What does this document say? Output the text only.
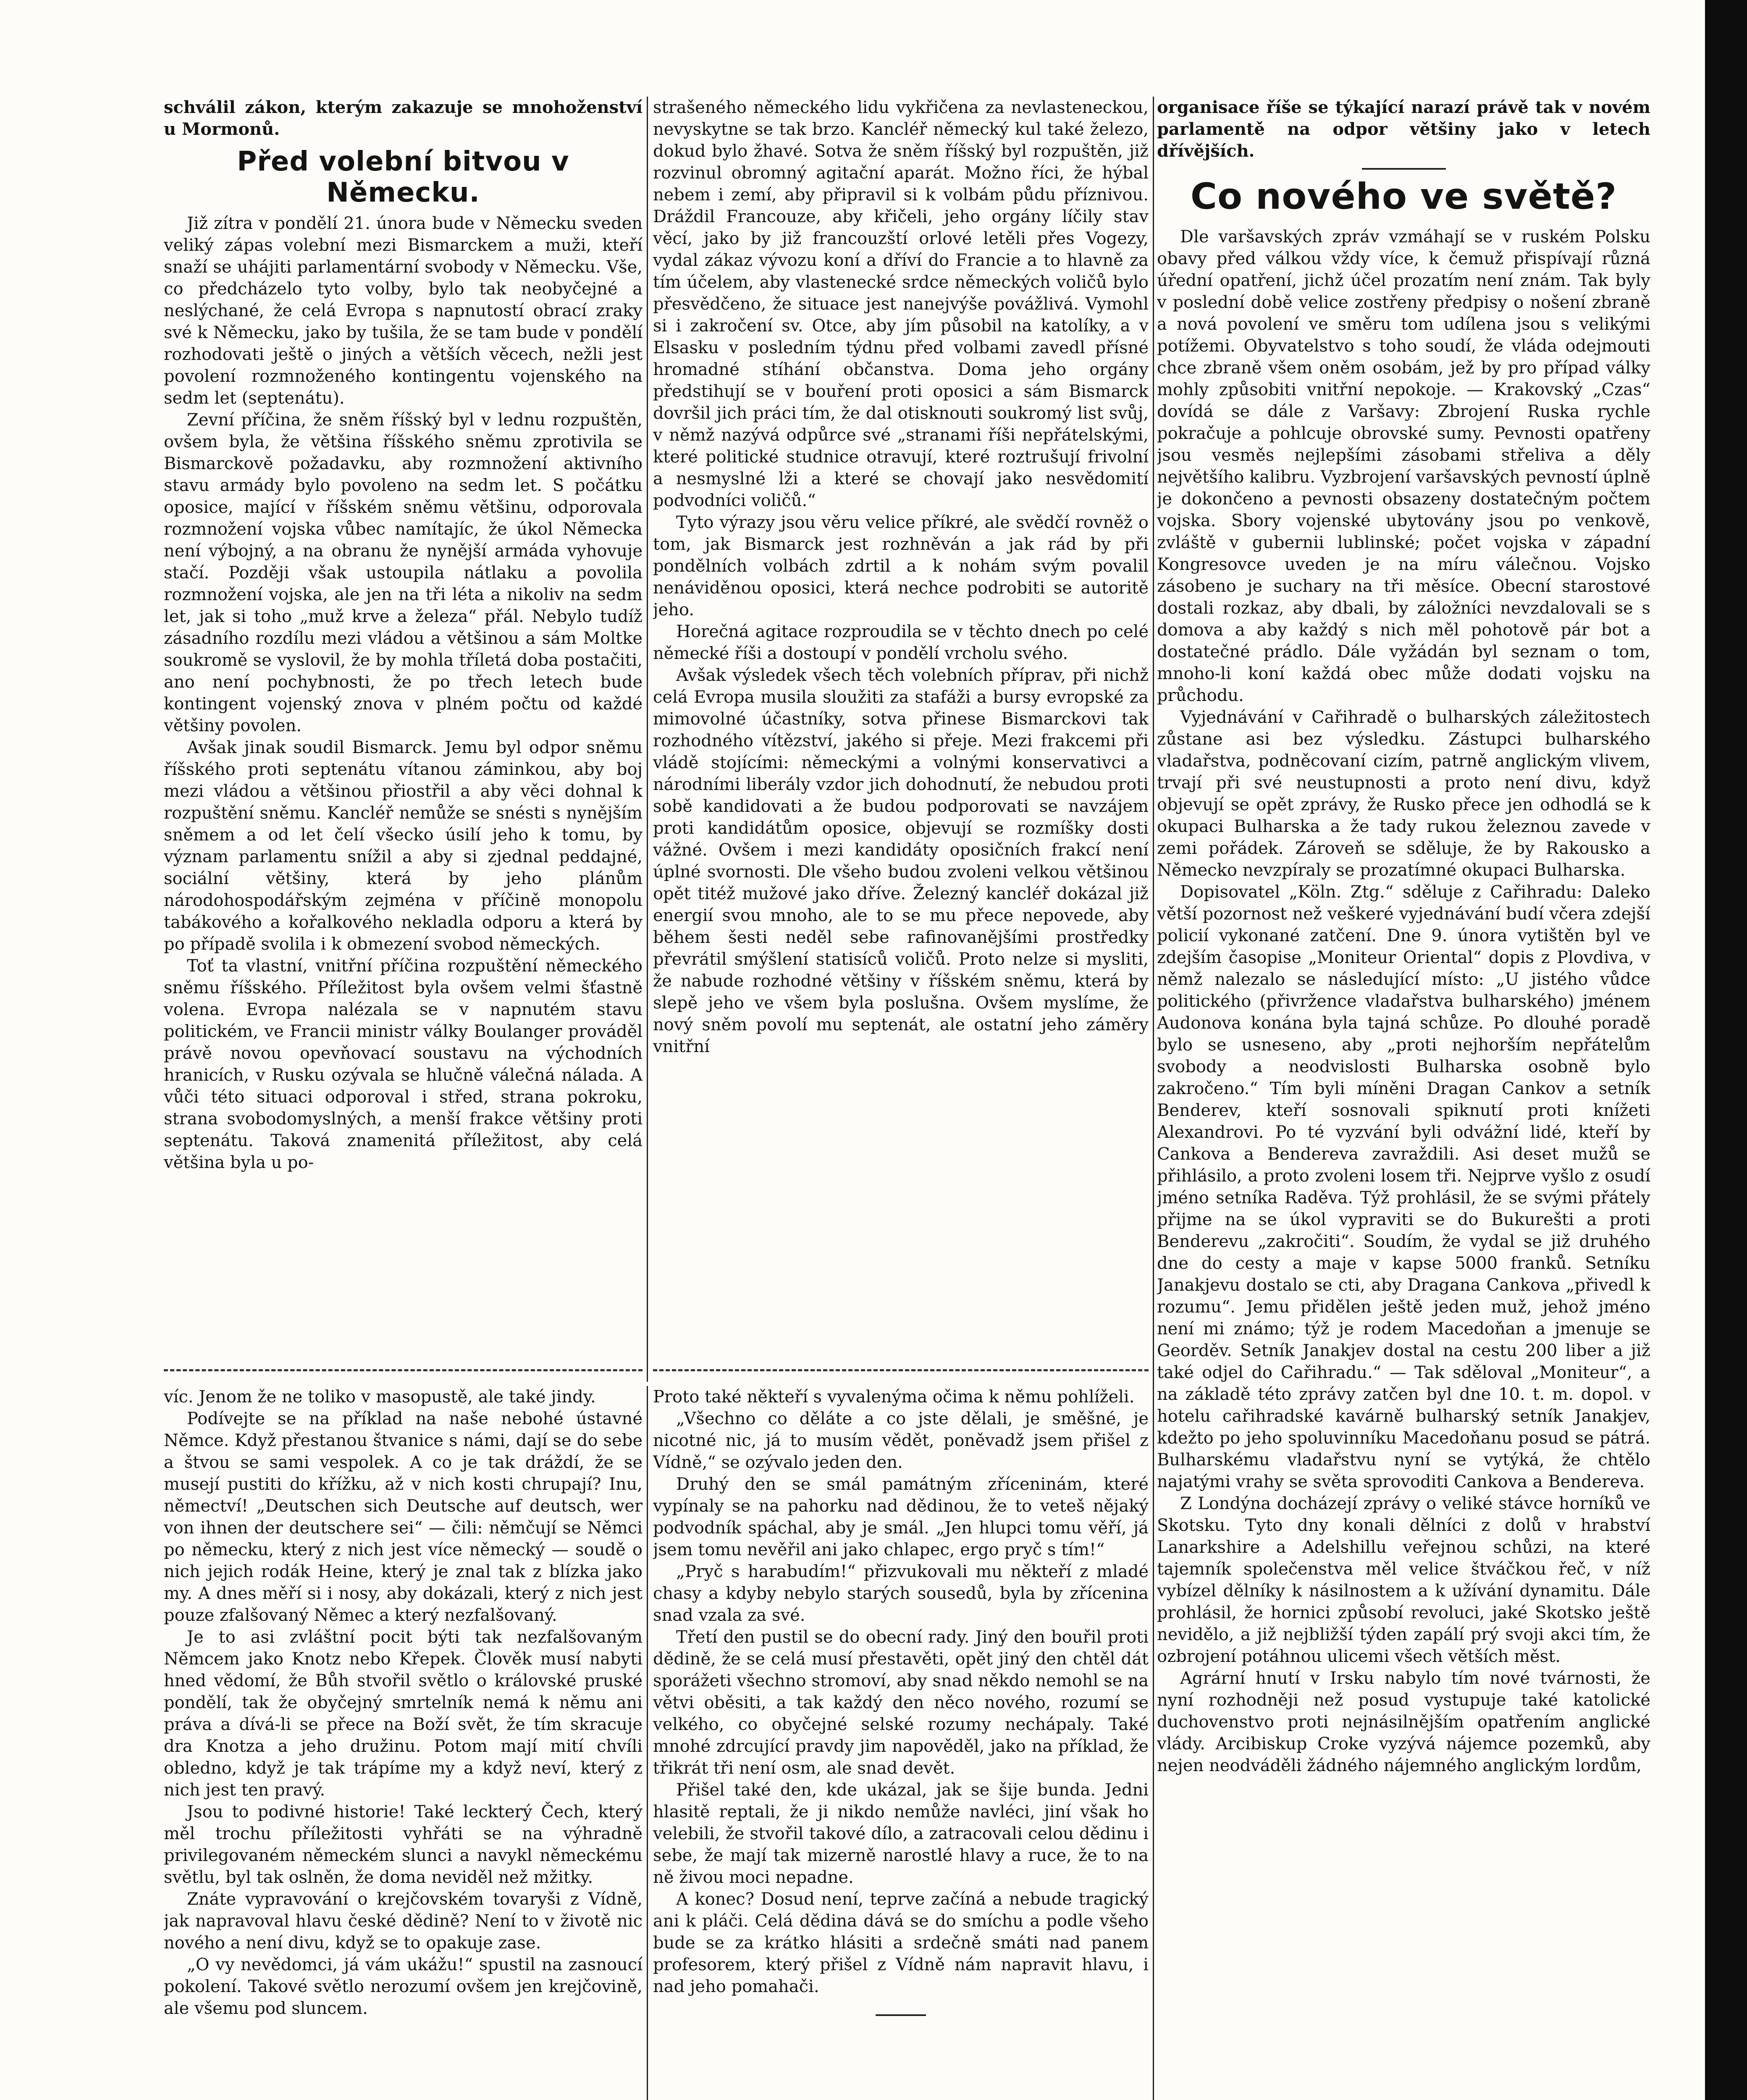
schválil zákon, kterým zakazuje se mnohoženství u Mormonů.

Před volební bitvou v Německu.

Již zítra v pondělí 21. února bude v Německu sveden veliký zápas volební mezi Bismarckem a muži, kteří snaží se uhájiti parlamentární svobody v Německu. Vše, co předcházelo tyto volby, bylo tak neobyčejné a neslýchané, že celá Evropa s napnutostí obrací zraky své k Německu, jako by tušila, že se tam bude v pondělí rozhodovati ještě o jiných a větších věcech, nežli jest povolení rozmnoženého kontingentu vojenského na sedm let (septenátu).

Zevní příčina, že sněm říšský byl v lednu rozpuštěn, ovšem byla, že většina říšského sněmu zprotivila se Bismarckově požadavku, aby rozmnožení aktivního stavu armády bylo povoleno na sedm let. S počátku oposice, mající v říšském sněmu většinu, odporovala rozmnožení vojska vůbec namítajíc, že úkol Německa není výbojný, a na obranu že nynější armáda vyhovuje stačí. Později však ustoupila nátlaku a povolila rozmnožení vojska, ale jen na tři léta a nikoliv na sedm let, jak si toho „muž krve a železa“ přál. Nebylo tudíž zásadního rozdílu mezi vládou a většinou a sám Moltke soukromě se vyslovil, že by mohla tříletá doba postačiti, ano není pochybnosti, že po třech letech bude kontingent vojenský znova v plném počtu od každé většiny povolen.

Avšak jinak soudil Bismarck. Jemu byl odpor sněmu říšského proti septenátu vítanou záminkou, aby boj mezi vládou a většinou přiostřil a aby věci dohnal k rozpuštění sněmu. Kancléř nemůže se snésti s nynějším sněmem a od let čelí všecko úsilí jeho k tomu, by význam parlamentu snížil a aby si zjednal peddajné, sociální většiny, která by jeho plánům národohospodářským zejména v příčině monopolu tabákového a kořalkového nekladla odporu a která by po případě svolila i k obmezení svobod německých.

Toť ta vlastní, vnitřní příčina rozpuštění německého sněmu říšského. Příležitost byla ovšem velmi šťastně volena. Evropa nalézala se v napnutém stavu politickém, ve Francii ministr války Boulanger prováděl právě novou opevňovací soustavu na východních hranicích, v Rusku ozývala se hlučně válečná nálada. A vůči této situaci odporoval i střed, strana pokroku, strana svobodomyslných, a menší frakce většiny proti septenátu. Taková znamenitá příležitost, aby celá většina byla u po-

strašeného německého lidu vykřičena za nevlasteneckou, nevyskytne se tak brzo. Kancléř německý kul také železo, dokud bylo žhavé. Sotva že sněm říšský byl rozpuštěn, již rozvinul obromný agitační aparát. Možno říci, že hýbal nebem i zemí, aby připravil si k volbám půdu příznivou. Dráždil Francouze, aby křičeli, jeho orgány líčily stav věcí, jako by již francouzští orlové letěli přes Vogezy, vydal zákaz vývozu koní a dříví do Francie a to hlavně za tím účelem, aby vlastenecké srdce německých voličů bylo přesvědčeno, že situace jest nanejvýše povážlivá. Vymohl si i zakročení sv. Otce, aby jím působil na katolíky, a v Elsasku v posledním týdnu před volbami zavedl přísné hromadné stíhání občanstva. Doma jeho orgány předstihují se v bouření proti oposici a sám Bismarck dovršil jich práci tím, že dal otisknouti soukromý list svůj, v němž nazývá odpůrce své „stranami říši nepřátelskými, které politické studnice otravují, které roztrušují frivolní a nesmyslné lži a které se chovají jako nesvědomití podvodníci voličů.“

Tyto výrazy jsou věru velice příkré, ale svědčí rovněž o tom, jak Bismarck jest rozhněván a jak rád by při pondělních volbách zdrtil a k nohám svým povalil nenáviděnou oposici, která nechce podrobiti se autoritě jeho.

Horečná agitace rozproudila se v těchto dnech po celé německé říši a dostoupí v pondělí vrcholu svého.

Avšak výsledek všech těch volebních příprav, při nichž celá Evropa musila sloužiti za stafáži a bursy evropské za mimovolné účastníky, sotva přinese Bismarckovi tak rozhodného vítězství, jakého si přeje. Mezi frakcemi při vládě stojícími: německými a volnými konservativci a národními liberály vzdor jich dohodnutí, že nebudou proti sobě kandidovati a že budou podporovati se navzájem proti kandidátům oposice, objevují se rozmíšky dosti vážné. Ovšem i mezi kandidáty oposičních frakcí není úplné svornosti. Dle všeho budou zvoleni velkou většinou opět titéž mužové jako dříve. Železný kancléř dokázal již energií svou mnoho, ale to se mu přece nepovede, aby během šesti neděl sebe rafinovanějšími prostředky převrátil smýšlení statisíců voličů. Proto nelze si mysliti, že nabude rozhodné většiny v říšském sněmu, která by slepě jeho ve všem byla poslušna. Ovšem myslíme, že nový sněm povolí mu septenát, ale ostatní jeho záměry vnitřní

organisace říše se týkající narazí právě tak v novém parlamentě na odpor většiny jako v letech dřívějších.

Co nového ve světě?

Dle varšavských zpráv vzmáhají se v ruském Polsku obavy před válkou vždy více, k čemuž přispívají různá úřední opatření, jichž účel prozatím není znám. Tak byly v poslední době velice zostřeny předpisy o nošení zbraně a nová povolení ve směru tom udílena jsou s velikými potížemi. Obyvatelstvo s toho soudí, že vláda odejmouti chce zbraně všem oněm osobám, jež by pro případ války mohly způsobiti vnitřní nepokoje. — Krakovský „Czas“ dovídá se dále z Varšavy: Zbrojení Ruska rychle pokračuje a pohlcuje obrovské sumy. Pevnosti opatřeny jsou vesměs nejlepšími zásobami střeliva a děly největšího kalibru. Vyzbrojení varšavských pevností úplně je dokončeno a pevnosti obsazeny dostatečným počtem vojska. Sbory vojenské ubytovány jsou po venkově, zvláště v gubernii lublinské; počet vojska v západní Kongresovce uveden je na míru válečnou. Vojsko zásobeno je suchary na tři měsíce. Obecní starostové dostali rozkaz, aby dbali, by záložníci nevzdalovali se s domova a aby každý s nich měl pohotově pár bot a dostatečné prádlo. Dále vyžádán byl seznam o tom, mnoho-li koní každá obec může dodati vojsku na průchodu.

Vyjednávání v Cařihradě o bulharských záležitostech zůstane asi bez výsledku. Zástupci bulharského vladařstva, podněcovaní cizím, patrně anglickým vlivem, trvají při své neustupnosti a proto není divu, když objevují se opět zprávy, že Rusko přece jen odhodlá se k okupaci Bulharska a že tady rukou železnou zavede v zemi pořádek. Zároveň se sděluje, že by Rakousko a Německo nevzpíraly se prozatímné okupaci Bulharska.

Dopisovatel „Köln. Ztg.“ sděluje z Cařihradu: Daleko větší pozornost než veškeré vyjednávání budí včera zdejší policií vykonané zatčení. Dne 9. února vytištěn byl ve zdejším časopise „Moniteur Oriental“ dopis z Plovdiva, v němž nalezalo se následující místo: „U jistého vůdce politického (přivržence vladařstva bulharského) jménem Audonova konána byla tajná schůze. Po dlouhé poradě bylo se usneseno, aby „proti nejhorším nepřátelům svobody a neodvislosti Bulharska osobně bylo zakročeno.“ Tím byli míněni Dragan Cankov a setník Benderev, kteří sosnovali spiknutí proti knížeti Alexandrovi. Po té vyzvání byli odvážní lidé, kteří by Cankova a Bendereva zavraždili. Asi deset mužů se přihlásilo, a proto zvoleni losem tři. Nejprve vyšlo z osudí jméno setníka Raděva. Týž prohlásil, že se svými přátely přijme na se úkol vypraviti se do Bukurešti a proti Benderevu „zakročiti“. Soudím, že vydal se již druhého dne do cesty a maje v kapse 5000 franků. Setníku Janakjevu dostalo se cti, aby Dragana Cankova „přivedl k rozumu“. Jemu přidělen ještě jeden muž, jehož jméno není mi známo; týž je rodem Macedoňan a jmenuje se Georděv. Setník Janakjev dostal na cestu 200 liber a již také odjel do Cařihradu.“ — Tak sděloval „Moniteur“, a na základě této zprávy zatčen byl dne 10. t. m. dopol. v hotelu cařihradské kavárně bulharský setník Janakjev, kdežto po jeho spoluvinníku Macedoňanu posud se pátrá. Bulharskému vladařstvu nyní se vytýká, že chtělo najatými vrahy se světa sprovoditi Cankova a Bendereva.

Z Londýna docházejí zprávy o veliké stávce horníků ve Skotsku. Tyto dny konali dělníci z dolů v hrabství Lanarkshire a Adelshillu veřejnou schůzi, na které tajemník společenstva měl velice štváčkou řeč, v níž vybízel dělníky k násilnostem a k užívání dynamitu. Dále prohlásil, že hornici způsobí revoluci, jaké Skotsko ještě nevidělo, a již nejbližší týden zapálí prý svoji akci tím, že ozbrojení potáhnou ulicemi všech větších měst.

Agrární hnutí v Irsku nabylo tím nové tvárnosti, že nyní rozhodněji než posud vystupuje také katolické duchovenstvo proti nejnásilnějším opatřením anglické vlády. Arcibiskup Croke vyzývá nájemce pozemků, aby nejen neodváděli žádného nájemného anglickým lordům,

víc. Jenom že ne toliko v masopustě, ale také jindy.

Podívejte se na příklad na naše nebohé ústavné Němce. Když přestanou štvanice s námi, dají se do sebe a štvou se sami vespolek. A co je tak dráždí, že se musejí pustiti do křížku, až v nich kosti chrupají? Inu, němectví! „Deutschen sich Deutsche auf deutsch, wer von ihnen der deutschere sei“ — čili: němčují se Němci po německu, který z nich jest více německý — soudě o nich jejich rodák Heine, který je znal tak z blízka jako my. A dnes měří si i nosy, aby dokázali, který z nich jest pouze zfalšovaný Němec a který nezfalšovaný.

Je to asi zvláštní pocit býti tak nezfalšovaným Němcem jako Knotz nebo Křepek. Člověk musí nabyti hned vědomí, že Bůh stvořil světlo o královské pruské pondělí, tak že obyčejný smrtelník nemá k němu ani práva a dívá-li se přece na Boží svět, že tím skracuje dra Knotza a jeho družinu. Potom mají mití chvíli obledno, když je tak trápíme my a když neví, který z nich jest ten pravý.

Jsou to podivné historie! Také leckterý Čech, který měl trochu příležitosti vyhřáti se na výhradně privilegovaném německém slunci a navykl německému světlu, byl tak oslněn, že doma neviděl než mžitky.

Znáte vypravování o krejčovském tovaryši z Vídně, jak napravoval hlavu české dědině? Není to v životě nic nového a není divu, když se to opakuje zase.

„O vy nevědomci, já vám ukážu!“ spustil na zasnoucí pokolení. Takové světlo nerozumí ovšem jen krejčovině, ale všemu pod sluncem.

Proto také někteří s vyvalenýma očima k němu pohlíželi.

„Všechno co děláte a co jste dělali, je směšné, je nicotné nic, já to musím vědět, poněvadž jsem přišel z Vídně,“ se ozývalo jeden den.

Druhý den se smál památným zříceninám, které vypínaly se na pahorku nad dědinou, že to veteš nějaký podvodník spáchal, aby je smál. „Jen hlupci tomu věří, já jsem tomu nevěřil ani jako chlapec, ergo pryč s tím!“

„Pryč s harabudím!“ přizvukovali mu někteří z mladé chasy a kdyby nebylo starých sousedů, byla by zřícenina snad vzala za své.

Třetí den pustil se do obecní rady. Jiný den bouřil proti dědině, že se celá musí přestavěti, opět jiný den chtěl dát sporážeti všechno stromoví, aby snad někdo nemohl se na větvi oběsiti, a tak každý den něco nového, rozumí se velkého, co obyčejné selské rozumy nechápaly. Také mnohé zdrcující pravdy jim napověděl, jako na příklad, že třikrát tři není osm, ale snad devět.

Přišel také den, kde ukázal, jak se šije bunda. Jedni hlasitě reptali, že ji nikdo nemůže navléci, jiní však ho velebili, že stvořil takové dílo, a zatracovali celou dědinu i sebe, že mají tak mizerně narostlé hlavy a ruce, že to na ně živou moci nepadne.

A konec? Dosud není, teprve začíná a nebude tragický ani k pláči. Celá dědina dává se do smíchu a podle všeho bude se za krátko hlásiti a srdečně smáti nad panem profesorem, který přišel z Vídně nám napravit hlavu, i nad jeho pomahači.
